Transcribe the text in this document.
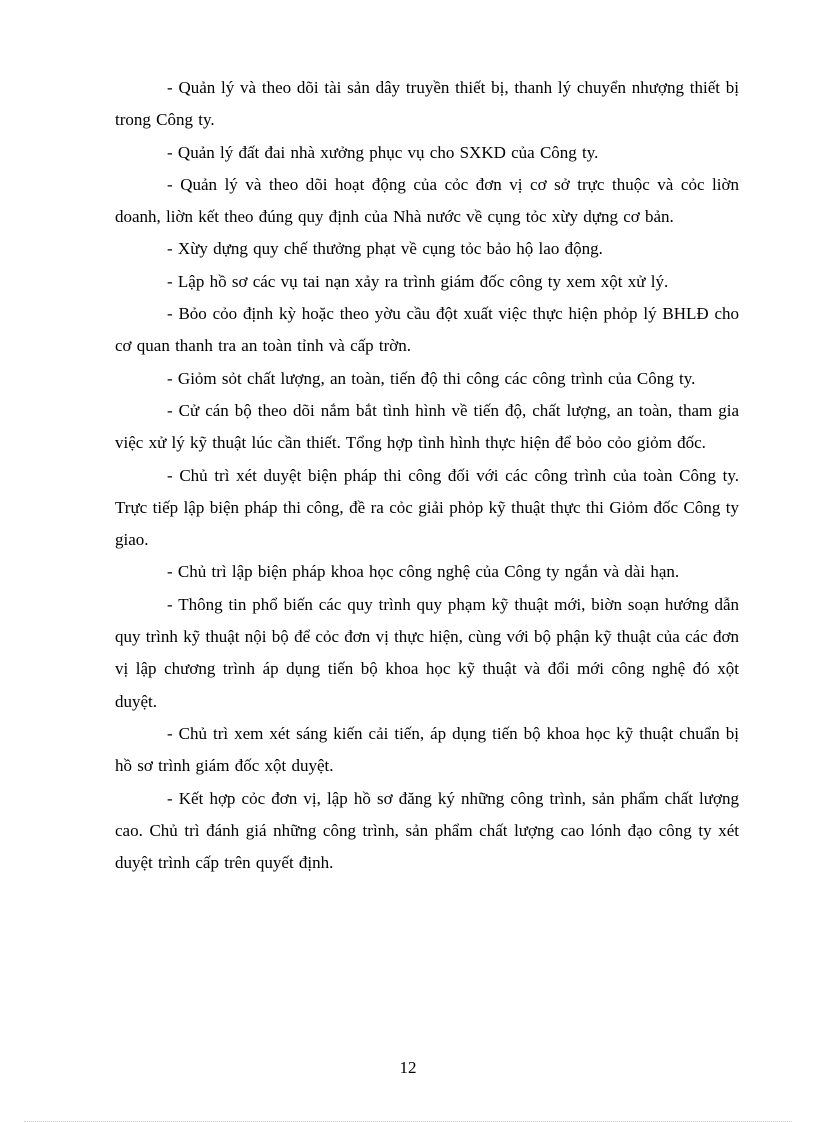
- Quản lý và theo dõi tài sản dây truyền thiết bị, thanh lý chuyển nhượng thiết bị trong Công ty.

- Quản lý đất đai nhà xưởng phục vụ cho SXKD của Công ty.

- Quản lý và theo dõi hoạt động của cỏc đơn vị cơ sở trực thuộc và cỏc liờn doanh, liờn kết theo đúng quy định của Nhà nước về cụng tỏc xừy dựng cơ bản.

- Xừy dựng quy chế thưởng phạt về cụng tỏc bảo hộ lao động.

- Lập hồ sơ các vụ tai nạn xảy ra trình giám đốc công ty xem xột xử lý.

- Bỏo cỏo định kỳ hoặc theo yờu cầu đột xuất việc thực hiện phỏp lý BHLĐ cho cơ quan thanh tra an toàn tỉnh và cấp trờn.

- Giỏm sỏt chất lượng, an toàn, tiến độ thi công các công trình của Công ty.

- Cử cán bộ theo dõi nắm bắt tình hình về tiến độ, chất lượng, an toàn, tham gia việc xử lý kỹ thuật lúc cần thiết. Tổng hợp tình hình thực hiện để bỏo cỏo giỏm đốc.

- Chủ trì xét duyệt biện pháp thi công đối với các công trình của toàn Công ty. Trực tiếp lập biện pháp thi công, đề ra cỏc giải phỏp kỹ thuật thực thi Giỏm đốc Công ty giao.

- Chủ trì lập biện pháp khoa học công nghệ của Công ty ngắn và dài hạn.

- Thông tin phổ biến các quy trình quy phạm kỹ thuật mới, biờn soạn hướng dẫn quy trình kỹ thuật nội bộ để cỏc đơn vị thực hiện, cùng với bộ phận kỹ thuật của các đơn vị lập chương trình áp dụng tiến bộ khoa học kỹ thuật và đổi mới công nghệ đó xột duyệt.

- Chủ trì xem xét sáng kiến cải tiến, áp dụng tiến bộ khoa học kỹ thuật chuẩn bị hồ sơ trình giám đốc xột duyệt.

- Kết hợp cỏc đơn vị, lập hồ sơ đăng ký những công trình, sản phẩm chất lượng cao. Chủ trì đánh giá những công trình, sản phẩm chất lượng cao lónh đạo công ty xét duyệt trình cấp trên quyết định.

12
